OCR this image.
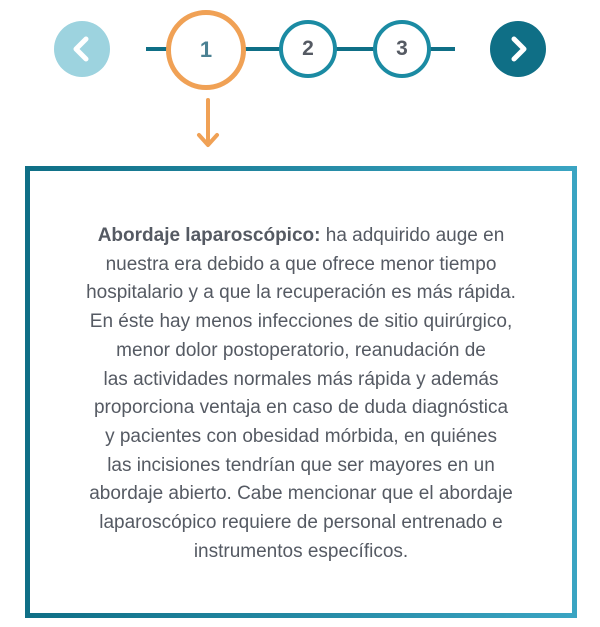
1	2	3

Abordaje laparoscópico: ha adquirido auge en
nuestra era debido a que ofrece menor tiempo
hospitalario y a que la recuperación es más rápida.
En éste hay menos infecciones de sitio quirúrgico,
menor dolor postoperatorio, reanudación de
las actividades normales más rápida y además
proporciona ventaja en caso de duda diagnóstica
y pacientes con obesidad mórbida, en quiénes
las incisiones tendrían que ser mayores en un
abordaje abierto. Cabe mencionar que el abordaje
laparoscópico requiere de personal entrenado e
instrumentos específicos.
